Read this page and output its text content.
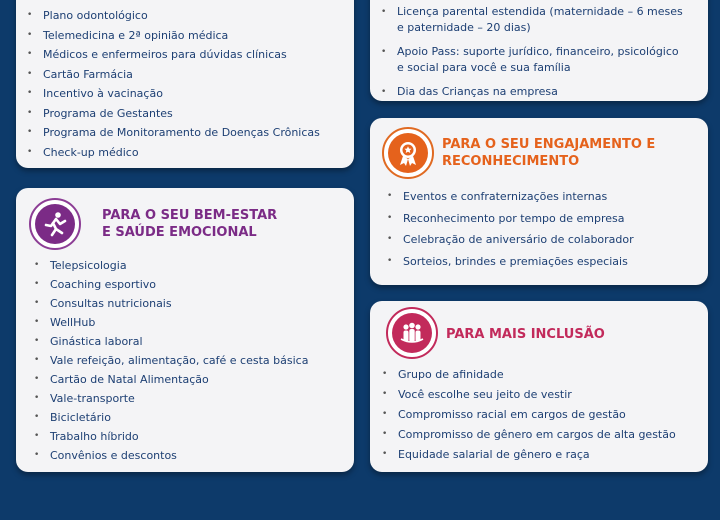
• Plano odontológico
• Telemedicina e 2ª opinião médica
• Médicos e enfermeiros para dúvidas clínicas
• Cartão Farmácia
• Incentivo à vacinação
• Programa de Gestantes
• Programa de Monitoramento de Doenças Crônicas
• Check-up médico
PARA O SEU BEM-ESTAR
E SAÚDE EMOCIONAL
• Telepsicologia
• Coaching esportivo
• Consultas nutricionais
• WellHub
• Ginástica laboral
• Vale refeição, alimentação, café e cesta básica
• Cartão de Natal Alimentação
• Vale-transporte
• Bicicletário
• Trabalho híbrido
• Convênios e descontos
• Licença parental estendida (maternidade – 6 meses
e paternidade – 20 dias)
• Apoio Pass: suporte jurídico, financeiro, psicológico
e social para você e sua família
• Dia das Crianças na empresa
PARA O SEU ENGAJAMENTO E
RECONHECIMENTO
• Eventos e confraternizações internas
• Reconhecimento por tempo de empresa
• Celebração de aniversário de colaborador
• Sorteios, brindes e premiações especiais
PARA MAIS INCLUSÃO
• Grupo de afinidade
• Você escolhe seu jeito de vestir
• Compromisso racial em cargos de gestão
• Compromisso de gênero em cargos de alta gestão
• Equidade salarial de gênero e raça
